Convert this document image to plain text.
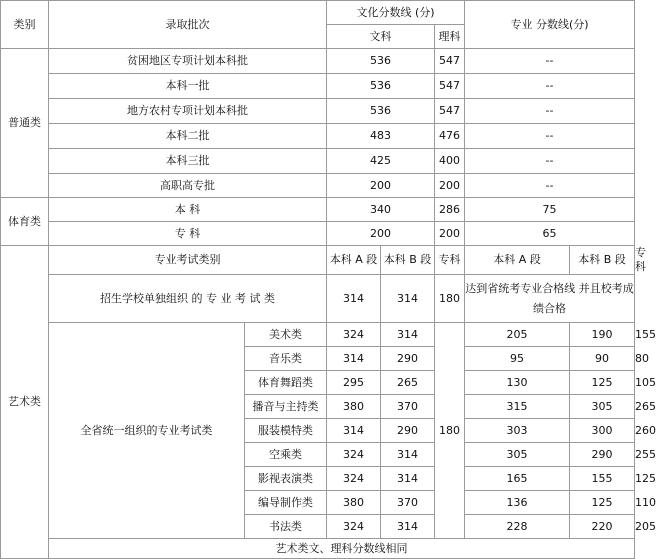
类别	录取批次		文化分数线 (分)			专业 分数线(分)		
			文科		理科			
普通类	贫困地区专项计划本科批		536		547	--		
	本科一批		536		547	--		
	地方农村专项计划本科批		536		547	--		
	本科二批		483		476	--		
	本科三批		425		400	--		
	高职高专批		200		200	--		
体育类	本 科		340		286	75		
	专 科		200		200	65		
艺术类	专业考试类别		本科 A 段	本科 B 段	专科	本科 A 段	本科 B 段	专科
	招生学校单独组织 的 专 业 考 试 类		314	314	180	达到省统考专业合格线 并且校考成绩合格		
	全省统一组织的专业考试类	美术类	324	314	180	205	190	155
		音乐类	314	290		95	90	80
		体育舞蹈类	295	265		130	125	105
		播音与主持类	380	370		315	305	265
		服装模特类	314	290		303	300	260
		空乘类	324	314		305	290	255
		影视表演类	324	314		165	155	125
		编导制作类	380	370		136	125	110
		书法类	324	314		228	220	205
	艺术类文、理科分数线相同							
